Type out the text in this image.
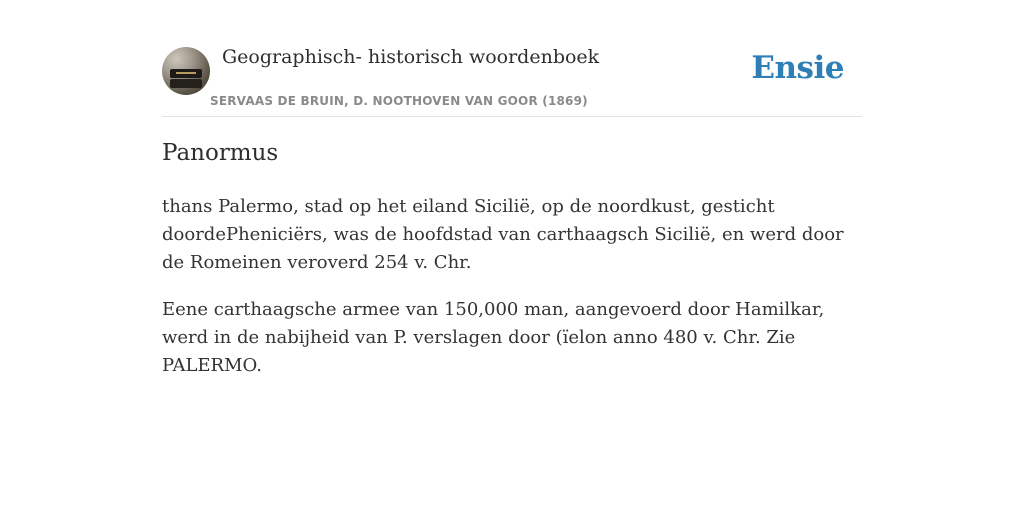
Geographisch- historisch woordenboek
SERVAAS DE BRUIN, D. NOOTHOVEN VAN GOOR (1869)
Ensie
Panormus

thans Palermo, stad op het eiland Sicilië, op de noordkust, gesticht doordePheniciërs, was de hoofdstad van carthaagsch Sicilië, en werd door de Romeinen veroverd 254 v. Chr.

Eene carthaagsche armee van 150,000 man, aangevoerd door Hamilkar, werd in de nabijheid van P. verslagen door (ïelon anno 480 v. Chr. Zie PALERMO.
